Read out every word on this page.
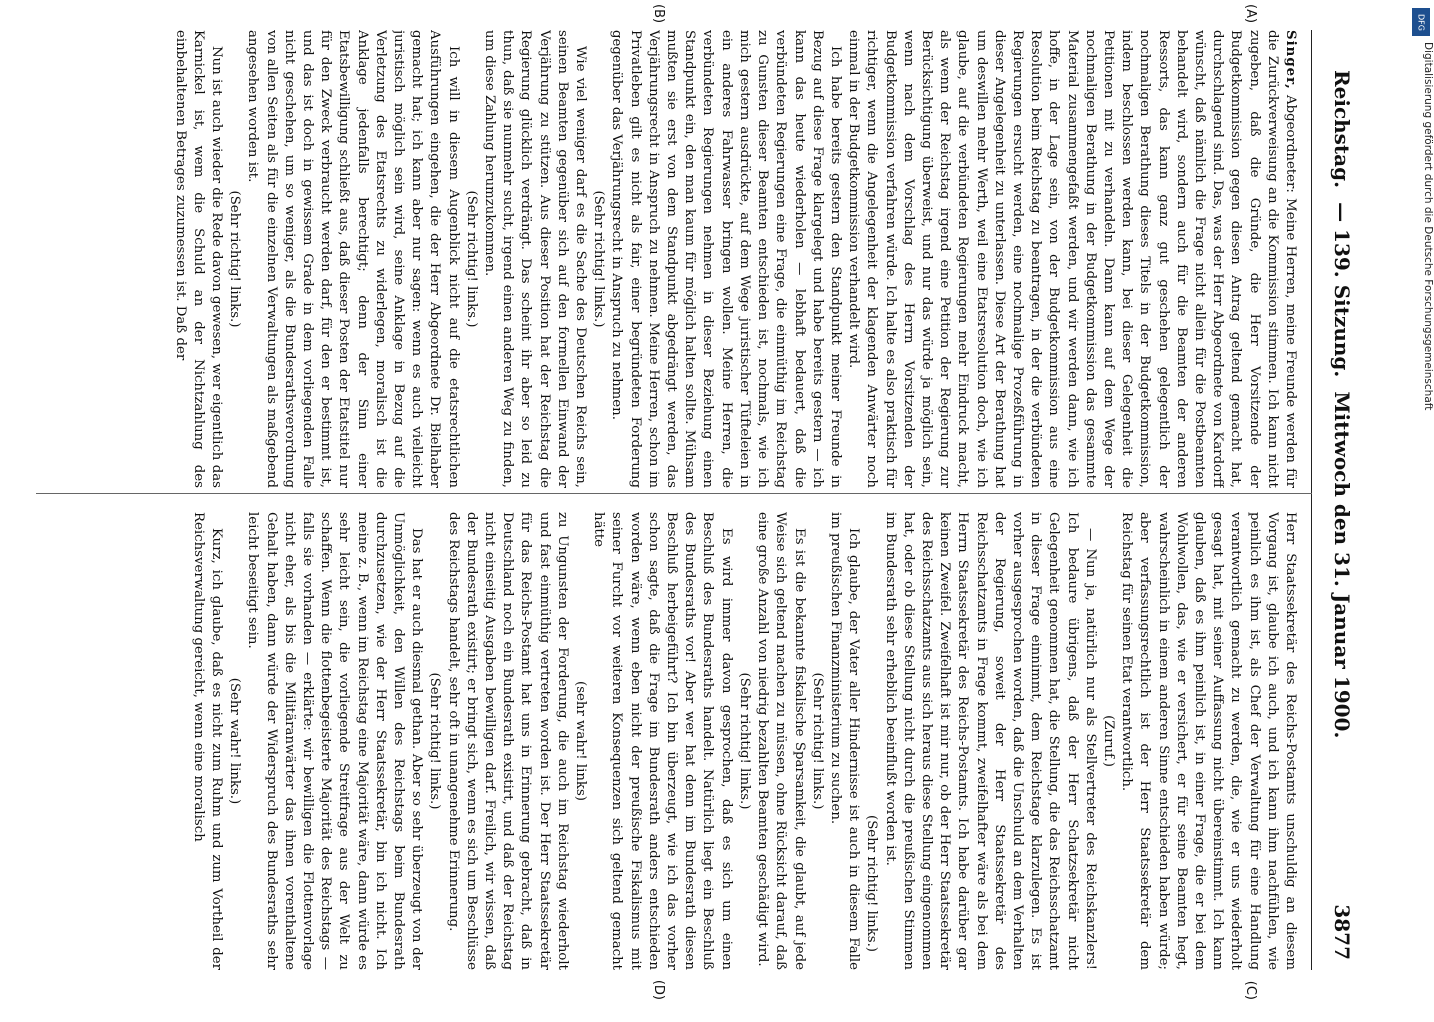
Reichstag.
— 139. Sitzung.
Mittwoch den 31. Januar 1900.
3877
(A)
(B)
(C)
(D)

Singer, Abgeordneter: Meine Herren, meine Freunde werden für die Zurückverweisung an die Kommission stimmen. Ich kann nicht zugeben, daß die Gründe, die Herr Vorsitzende der Budgetkommission gegen diesen Antrag geltend gemacht hat, durchschlagend sind. Das, was der Herr Abgeordnete von Kardorff wünscht, daß nämlich die Frage nicht allein für die Postbeamten behandelt wird, sondern auch für die Beamten der anderen Ressorts, das kann ganz gut geschehen gelegentlich der nochmaligen Berathung dieses Titels in der Budgetkommission, indem beschlossen werden kann, bei dieser Gelegenheit die Petitionen mit zu verhandeln. Dann kann auf dem Wege der nochmaligen Berathung in der Budgetkommission das gesammte Material zusammengefaßt werden, und wir werden dann, wie ich hoffe, in der Lage sein, von der Budgetkommission aus eine Resolution beim Reichstag zu beantragen, in der die verbündeten Regierungen ersucht werden, eine nochmalige Prozeßführung in dieser Angelegenheit zu unterlassen. Diese Art der Berathung hat um deswillen mehr Werth, weil eine Etatsresolution doch, wie ich glaube, auf die verbündeten Regierungen mehr Eindruck macht, als wenn der Reichstag irgend eine Petition der Regierung zur Berücksichtigung überweist, und nur das würde ja möglich sein, wenn nach dem Vorschlag des Herrn Vorsitzenden der Budgetkommission verfahren würde. Ich halte es also praktisch für richtiger, wenn die Angelegenheit der klagenden Anwärter noch einmal in der Budgetkommission verhandelt wird.

Ich habe bereits gestern den Standpunkt meiner Freunde in Bezug auf diese Frage klargelegt und habe bereits gestern — ich kann das heute wiederholen — lebhaft bedauert, daß die verbündeten Regierungen eine Frage, die einmüthig im Reichstag zu Gunsten dieser Beamten entschieden ist, nochmals, wie ich mich gestern ausdrückte, auf dem Wege juristischer Tüfteleien in ein anderes Fahrwasser bringen wollen. Meine Herren, die verbündeten Regierungen nehmen in dieser Beziehung einen Standpunkt ein, den man kaum für möglich halten sollte. Mühsam mußten sie erst von dem Standpunkt abgedrängt werden, das Verjährungsrecht in Anspruch zu nehmen. Meine Herren, schon im Privatleben gilt es nicht als fair, einer begründeten Forderung gegenüber das Verjährungsrecht in Anspruch zu nehmen.

(Sehr richtig! links.)

Wie viel weniger darf es die Sache des Deutschen Reichs sein, seinen Beamten gegenüber sich auf den formellen Einwand der Verjährung zu stützen. Aus dieser Position hat der Reichstag die Regierung glücklich verdrängt. Das scheint ihr aber so leid zu thun, daß sie nunmehr sucht, irgend einen anderen Weg zu finden, um diese Zahlung herumzukommen.

(Sehr richtig! links.)

Ich will in diesem Augenblick nicht auf die etatsrechtlichen Ausführungen eingehen, die der Herr Abgeordnete Dr. Bielhaber gemacht hat; ich kann aber nur sagen: wenn es auch vielleicht juristisch möglich sein wird, seine Anklage in Bezug auf die Verletzung des Etatsrechts zu widerlegen, moralisch ist die Anklage jedenfalls berechtigt; denn der Sinn einer Etatsbewilligung schließt aus, daß dieser Posten der Etatstitel nur für den Zweck verbraucht werden darf, für den er bestimmt ist, und das ist doch in gewissem Grade in dem vorliegenden Falle nicht geschehen, um so weniger, als die Bundesrathsverordnung von allen Seiten als für die einzelnen Verwaltungen als maßgebend angesehen worden ist.

(Sehr richtig! links.)

Nun ist auch wieder die Rede davon gewesen, wer eigentlich das Karnickel ist, wem die Schuld an der Nichtzahlung des einbehaltenen Betrages zuzumessen ist. Daß der

Herr Staatssekretär des Reichs-Postamts unschuldig an diesem Vorgang ist, glaube ich auch, und ich kann ihm nachfühlen, wie peinlich es ihm ist, als Chef der Verwaltung für eine Handlung verantwortlich gemacht zu werden, die, wie er uns wiederholt gesagt hat, mit seiner Auffassung nicht übereinstimmt. Ich kann glauben, daß es ihm peinlich ist, in einer Frage, die er bei dem Wohlwollen, das, wie er versichert, er für seine Beamten hegt, wahrscheinlich in einem anderen Sinne entschieden haben würde; aber verfassungsrechtlich ist der Herr Staatssekretär dem Reichstag für seinen Etat verantwortlich.

(Zuruf.)

— Nun ja, natürlich nur als Stellvertreter des Reichskanzlers! Ich bedaure übrigens, daß der Herr Schatzsekretär nicht Gelegenheit genommen hat, die Stellung, die das Reichsschatzamt in dieser Frage einnimmt, dem Reichstage klarzulegen. Es ist vorher ausgesprochen worden, daß die Unschuld an dem Verhalten der Regierung, soweit der Herr Staatssekretär des Reichsschatzamts in Frage kommt, zweifelhafter wäre als bei dem Herrn Staatssekretär des Reichs-Postamts. Ich habe darüber gar keinen Zweifel. Zweifelhaft ist mir nur, ob der Herr Staatssekretär des Reichsschatzamts aus sich heraus diese Stellung eingenommen hat, oder ob diese Stellung nicht durch die preußischen Stimmen im Bundesrath sehr erheblich beeinflußt worden ist.

(Sehr richtig! links.)

Ich glaube, der Vater aller Hindernisse ist auch in diesem Falle im preußischen Finanzministerium zu suchen.

(Sehr richtig! links.)

Es ist die bekannte fiskalische Sparsamkeit, die glaubt, auf jede Weise sich geltend machen zu müssen, ohne Rücksicht darauf, daß eine große Anzahl von niedrig bezahlten Beamten geschädigt wird.

(Sehr richtig! links.)

Es wird immer davon gesprochen, daß es sich um einen Beschluß des Bundesraths handelt. Natürlich liegt ein Beschluß des Bundesraths vor! Aber wer hat denn im Bundesrath diesen Beschluß herbeigeführt? Ich bin überzeugt, wie ich das vorher schon sagte, daß die Frage im Bundesrath anders entschieden worden wäre, wenn eben nicht der preußische Fiskalismus mit seiner Furcht vor weiteren Konsequenzen sich geltend gemacht hätte

(sehr wahr! links)

zu Ungunsten der Forderung, die auch im Reichstag wiederholt und fast einmüthig vertreten worden ist. Der Herr Staatssekretär für das Reichs-Postamt hat uns in Erinnerung gebracht, daß in Deutschland noch ein Bundesrath existirt, und daß der Reichstag nicht einseitig Ausgaben bewilligen darf. Freilich, wir wissen, daß der Bundesrath existirt; er bringt sich, wenn es sich um Beschlüsse des Reichstags handelt, sehr oft in unangenehme Erinnerung.

(Sehr richtig! links.)

Das hat er auch diesmal gethan. Aber so sehr überzeugt von der Unmöglichkeit, den Willen des Reichstags beim Bundesrath durchzusetzen, wie der Herr Staatssekretär, bin ich nicht. Ich meine z. B., wenn im Reichstag eine Majorität wäre, dann würde es sehr leicht sein, die vorliegende Streitfrage aus der Welt zu schaffen. Wenn die flottenbegeisterte Majorität des Reichstags — falls sie vorhanden — erklärte: wir bewilligen die Flottenvorlage nicht eher, als bis die Militäranwärter das ihnen vorenthaltene Gehalt haben, dann würde der Widerspruch des Bundesraths sehr leicht beseitigt sein.

(Sehr wahr! links.)

Kurz, ich glaube, daß es nicht zum Ruhm und zum Vortheil der Reichsverwaltung gereicht, wenn eine moralisch

DFG
Digitalisierung gefördert durch die Deutsche Forschungsgemeinschaft
